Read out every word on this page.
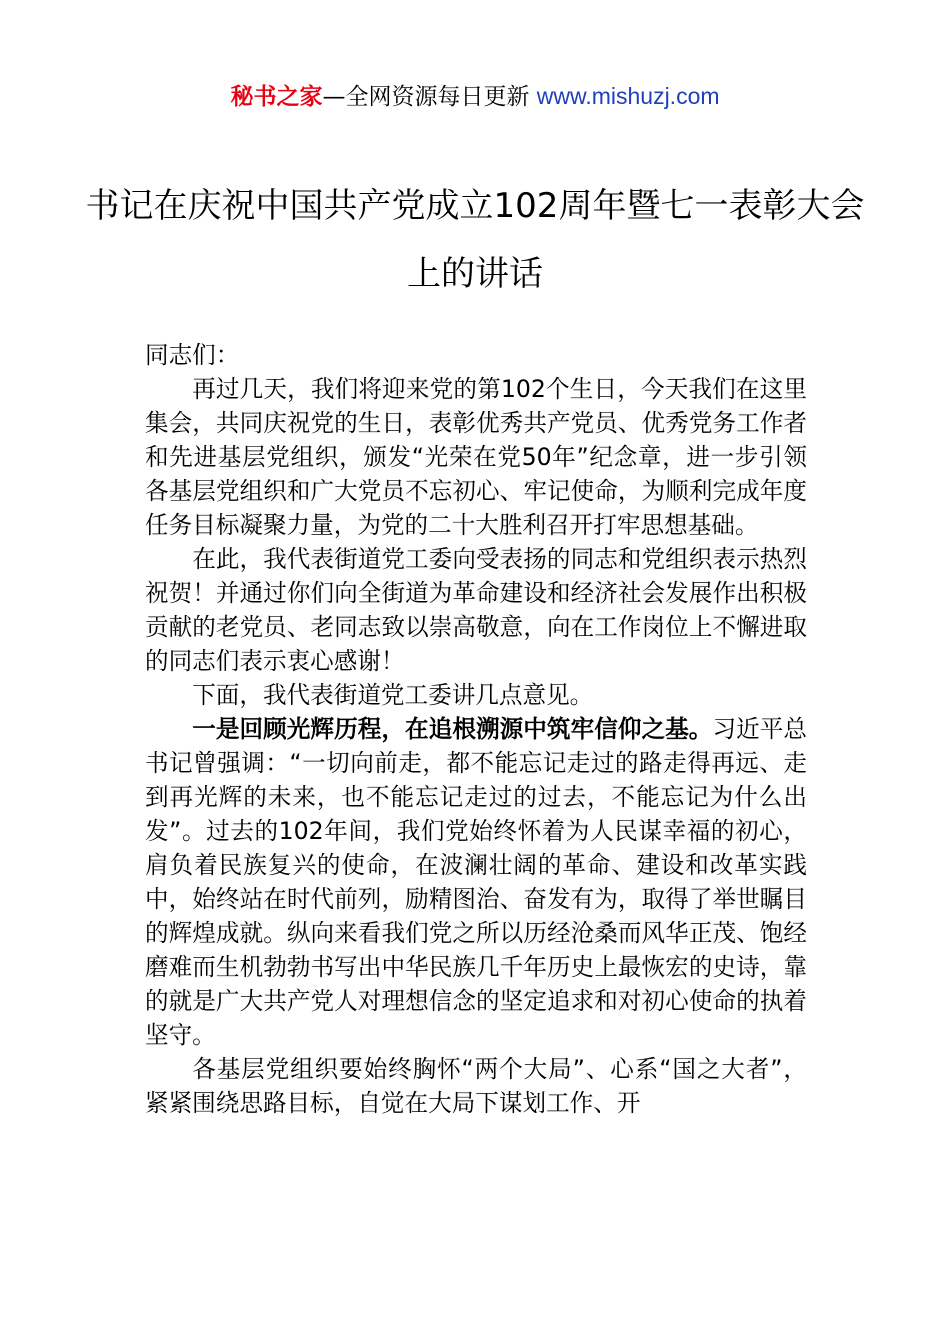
秘书之家—全网资源每日更新 www.mishuzj.com
书记在庆祝中国共产党成立102周年暨七一表彰大会上的讲话

同志们：

再过几天，我们将迎来党的第102个生日，今天我们在这里集会，共同庆祝党的生日，表彰优秀共产党员、优秀党务工作者和先进基层党组织，颁发“光荣在党50年”纪念章，进一步引领各基层党组织和广大党员不忘初心、牢记使命，为顺利完成年度任务目标凝聚力量，为党的二十大胜利召开打牢思想基础。

在此，我代表街道党工委向受表扬的同志和党组织表示热烈祝贺！并通过你们向全街道为革命建设和经济社会发展作出积极贡献的老党员、老同志致以崇高敬意，向在工作岗位上不懈进取的同志们表示衷心感谢！

下面，我代表街道党工委讲几点意见。

一是回顾光辉历程，在追根溯源中筑牢信仰之基。习近平总书记曾强调：“一切向前走，都不能忘记走过的路走得再远、走到再光辉的未来，也不能忘记走过的过去，不能忘记为什么出发”。过去的102年间，我们党始终怀着为人民谋幸福的初心，肩负着民族复兴的使命，在波澜壮阔的革命、建设和改革实践中，始终站在时代前列，励精图治、奋发有为，取得了举世瞩目的辉煌成就。纵向来看我们党之所以历经沧桑而风华正茂、饱经磨难而生机勃勃书写出中华民族几千年历史上最恢宏的史诗，靠的就是广大共产党人对理想信念的坚定追求和对初心使命的执着坚守。

各基层党组织要始终胸怀“两个大局”、心系“国之大者”，紧紧围绕思路目标，自觉在大局下谋划工作、开
